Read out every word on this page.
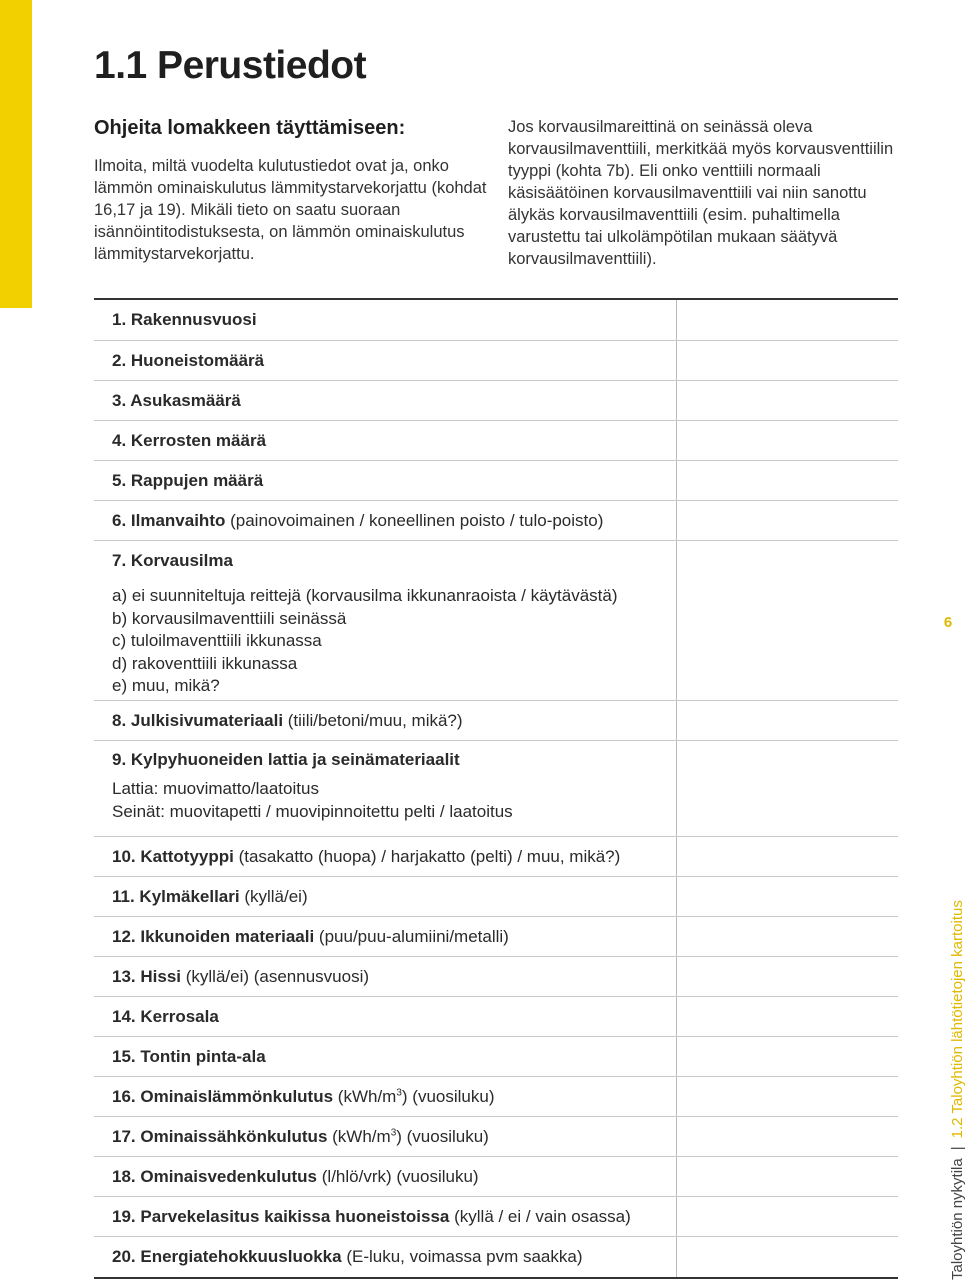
1.1 Perustiedot
Ohjeita lomakkeen täyttämiseen:

Ilmoita, miltä vuodelta kulutustiedot ovat ja, onko lämmön ominaiskulutus lämmitystarvekorjattu (kohdat 16,17 ja 19). Mikäli tieto on saatu suoraan isännöintitodistuksesta, on lämmön ominaiskulutus lämmitystarvekorjattu.

Jos korvausilmareittinä on seinässä oleva korvausilmaventtiili, merkitkää myös korvausventtiilin tyyppi (kohta 7b). Eli onko venttiili normaali käsisäätöinen korvausilmaventtiili vai niin sanottu älykäs korvausilmaventtiili (esim. puhaltimella varustettu tai ulkolämpötilan mukaan säätyvä korvausilmaventtiili).

1. Rakennusvuosi
2. Huoneistomäärä
3. Asukasmäärä
4. Kerrosten määrä
5. Rappujen määrä
6. Ilmanvaihto (painovoimainen / koneellinen poisto / tulo-poisto)
7. Korvausilma
a) ei suunniteltuja reittejä (korvausilma ikkunanraoista / käytävästä)
b) korvausilmaventtiili seinässä
c) tuloilmaventtiili ikkunassa
d) rakoventtiili ikkunassa
e) muu, mikä?
8. Julkisivumateriaali (tiili/betoni/muu, mikä?)
9. Kylpyhuoneiden lattia ja seinämateriaalit
Lattia: muovimatto/laatoitus
Seinät: muovitapetti / muovipinnoitettu pelti / laatoitus
10. Kattotyyppi (tasakatto (huopa) / harjakatto (pelti) / muu, mikä?)
11. Kylmäkellari (kyllä/ei)
12. Ikkunoiden materiaali (puu/puu-alumiini/metalli)
13. Hissi (kyllä/ei) (asennusvuosi)
14. Kerrosala
15. Tontin pinta-ala
16. Ominaislämmönkulutus $(kWh/m^3)$ (vuosiluku)
17. Ominaissähkönkulutus $(kWh/m^3)$ (vuosiluku)
18. Ominaisvedenkulutus (l/hlö/vrk) (vuosiluku)
19. Parvekelasitus kaikissa huoneistoissa (kyllä / ei / vain osassa)
20. Energiatehokkuusluokka (E-luku, voimassa pvm saakka)
6
Taloyhtiön nykytila|1.2 Taloyhtiön lähtötietojen kartoitus
